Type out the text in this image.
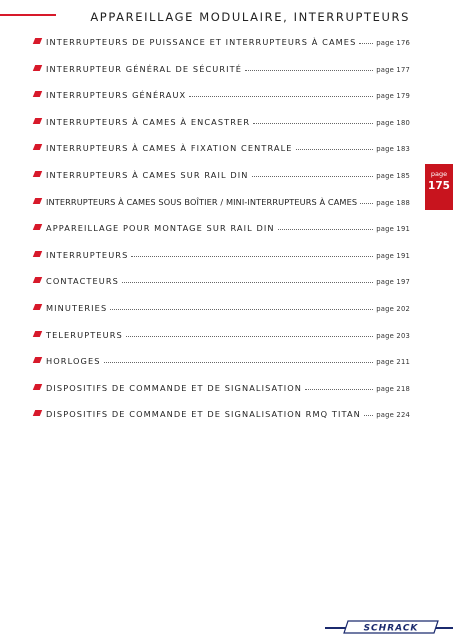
APPAREILLAGE MODULAIRE, INTERRUPTEURS
INTERRUPTEURS DE PUISSANCE ET INTERRUPTEURS À CAMES	page 176
INTERRUPTEUR GÉNÉRAL DE SÉCURITÉ	page 177
INTERRUPTEURS GÉNÉRAUX	page 179
INTERRUPTEURS À CAMES À ENCASTRER	page 180
INTERRUPTEURS À CAMES À FIXATION CENTRALE	page 183
INTERRUPTEURS À CAMES SUR RAIL DIN	page 185
INTERRUPTEURS À CAMES SOUS BOÎTIER / MINI-INTERRUPTEURS À CAMES	page 188
APPAREILLAGE POUR MONTAGE SUR RAIL DIN	page 191
INTERRUPTEURS	page 191
CONTACTEURS	page 197
MINUTERIES	page 202
TELERUPTEURS	page 203
HORLOGES	page 211
DISPOSITIFS DE COMMANDE ET DE SIGNALISATION	page 218
DISPOSITIFS DE COMMANDE ET DE SIGNALISATION RMQ TITAN page 224
page
175
SCHRACK
